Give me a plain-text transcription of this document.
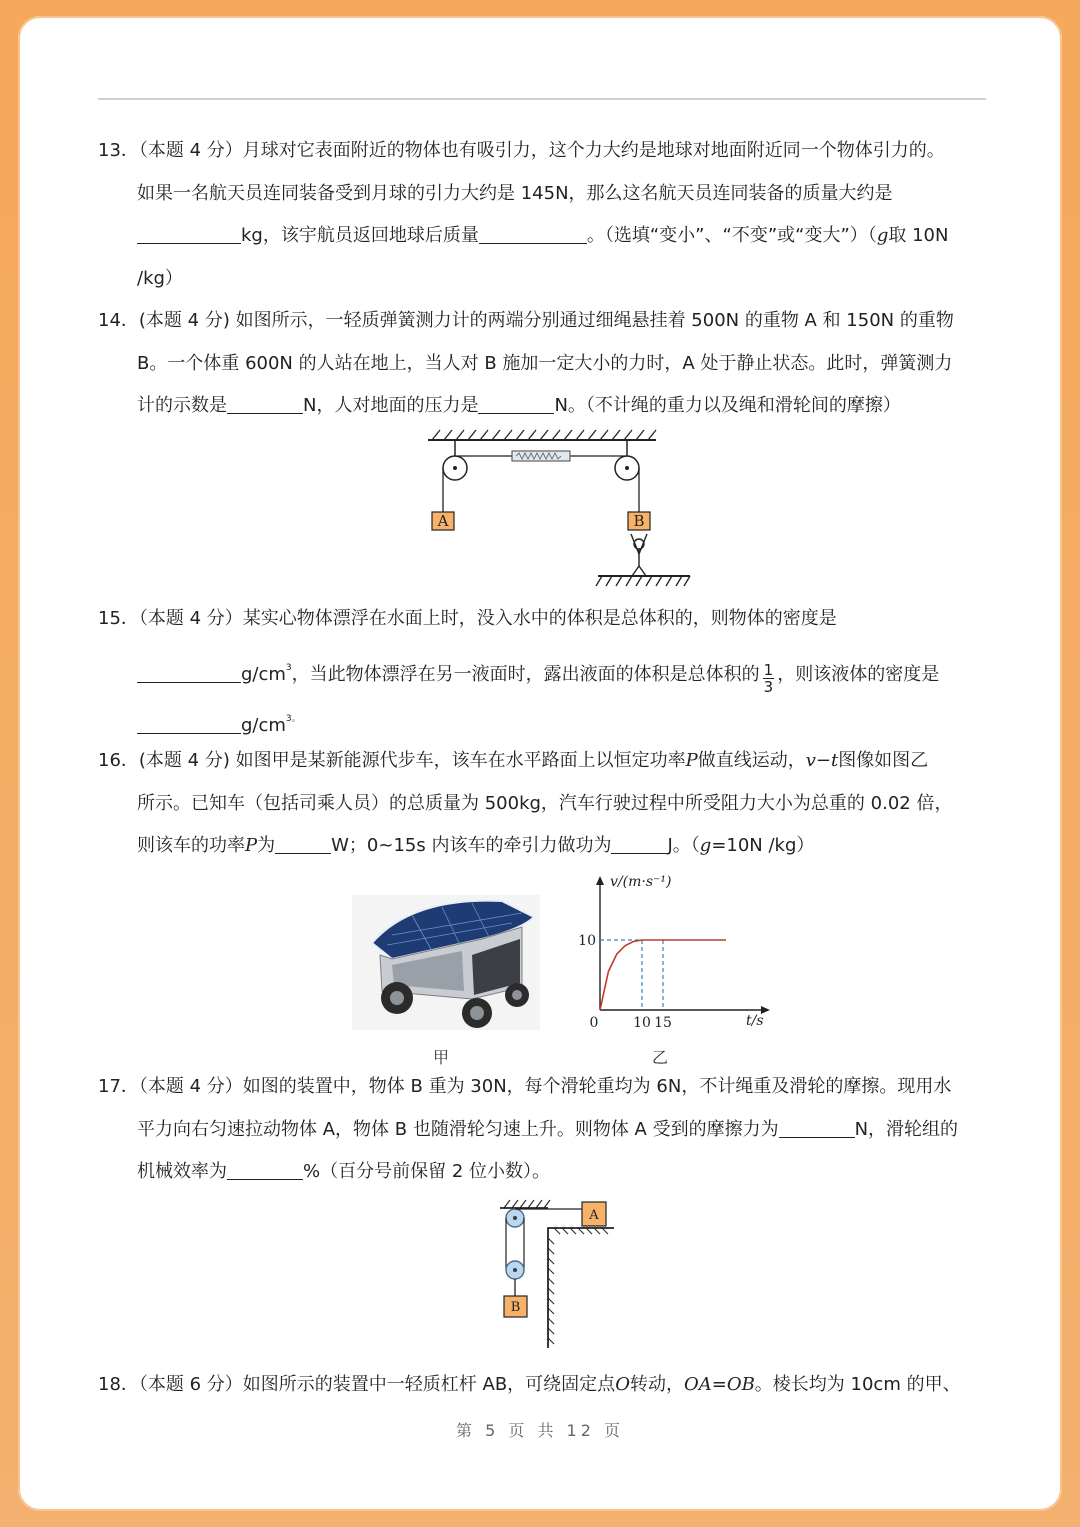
13．（本题 4 分）月球对它表面附近的物体也有吸引力，这个力大约是地球对地面附近同一个物体引力的。
如果一名航天员连同装备受到月球的引力大约是 145N，那么这名航天员连同装备的质量大约是
kg，该宇航员返回地球后质量	。（选填“变小”、“不变”或“变大”）（g取 10N
/kg）
14．(本题 4 分) 如图所示，一轻质弹簧测力计的两端分别通过细绳悬挂着 500N 的重物 A 和 150N 的重物
B。一个体重 600N 的人站在地上，当人对 B 施加一定大小的力时，A 处于静止状态。此时，弹簧测力
计的示数是	N，人对地面的压力是	N。（不计绳的重力以及绳和滑轮间的摩擦）
A	B
15．（本题 4 分）某实心物体漂浮在水面上时，没入水中的体积是总体积的，则物体的密度是
$g/cm^3$，当此物体漂浮在另一液面时，露出液面的体积是总体积的 $\frac{1}{3}$ ，则该液体的密度是
$g/cm^{3。}$
16．(本题 4 分) 如图甲是某新能源代步车，该车在水平路面上以恒定功率P做直线运动，v−t图像如图乙
所示。已知车（包括司乘人员）的总质量为 500kg，汽车行驶过程中所受阻力大小为总重的 0.02 倍，
则该车的功率P为	W；0~15s 内该车的牵引力做功为	J。（g=10N /kg）
甲
v/(m·s⁻¹)
t/s
0 10 15
10
乙
17．（本题 4 分）如图的装置中，物体 B 重为 30N，每个滑轮重均为 6N，不计绳重及滑轮的摩擦。现用水
平力向右匀速拉动物体 A，物体 B 也随滑轮匀速上升。则物体 A 受到的摩擦力为	N，滑轮组的
机械效率为	%（百分号前保留 2 位小数）。
B
A
18．（本题 6 分）如图所示的装置中一轻质杠杆 AB，可绕固定点O转动，OA=OB。棱长均为 10cm 的甲、
第 5 页 共 12 页
